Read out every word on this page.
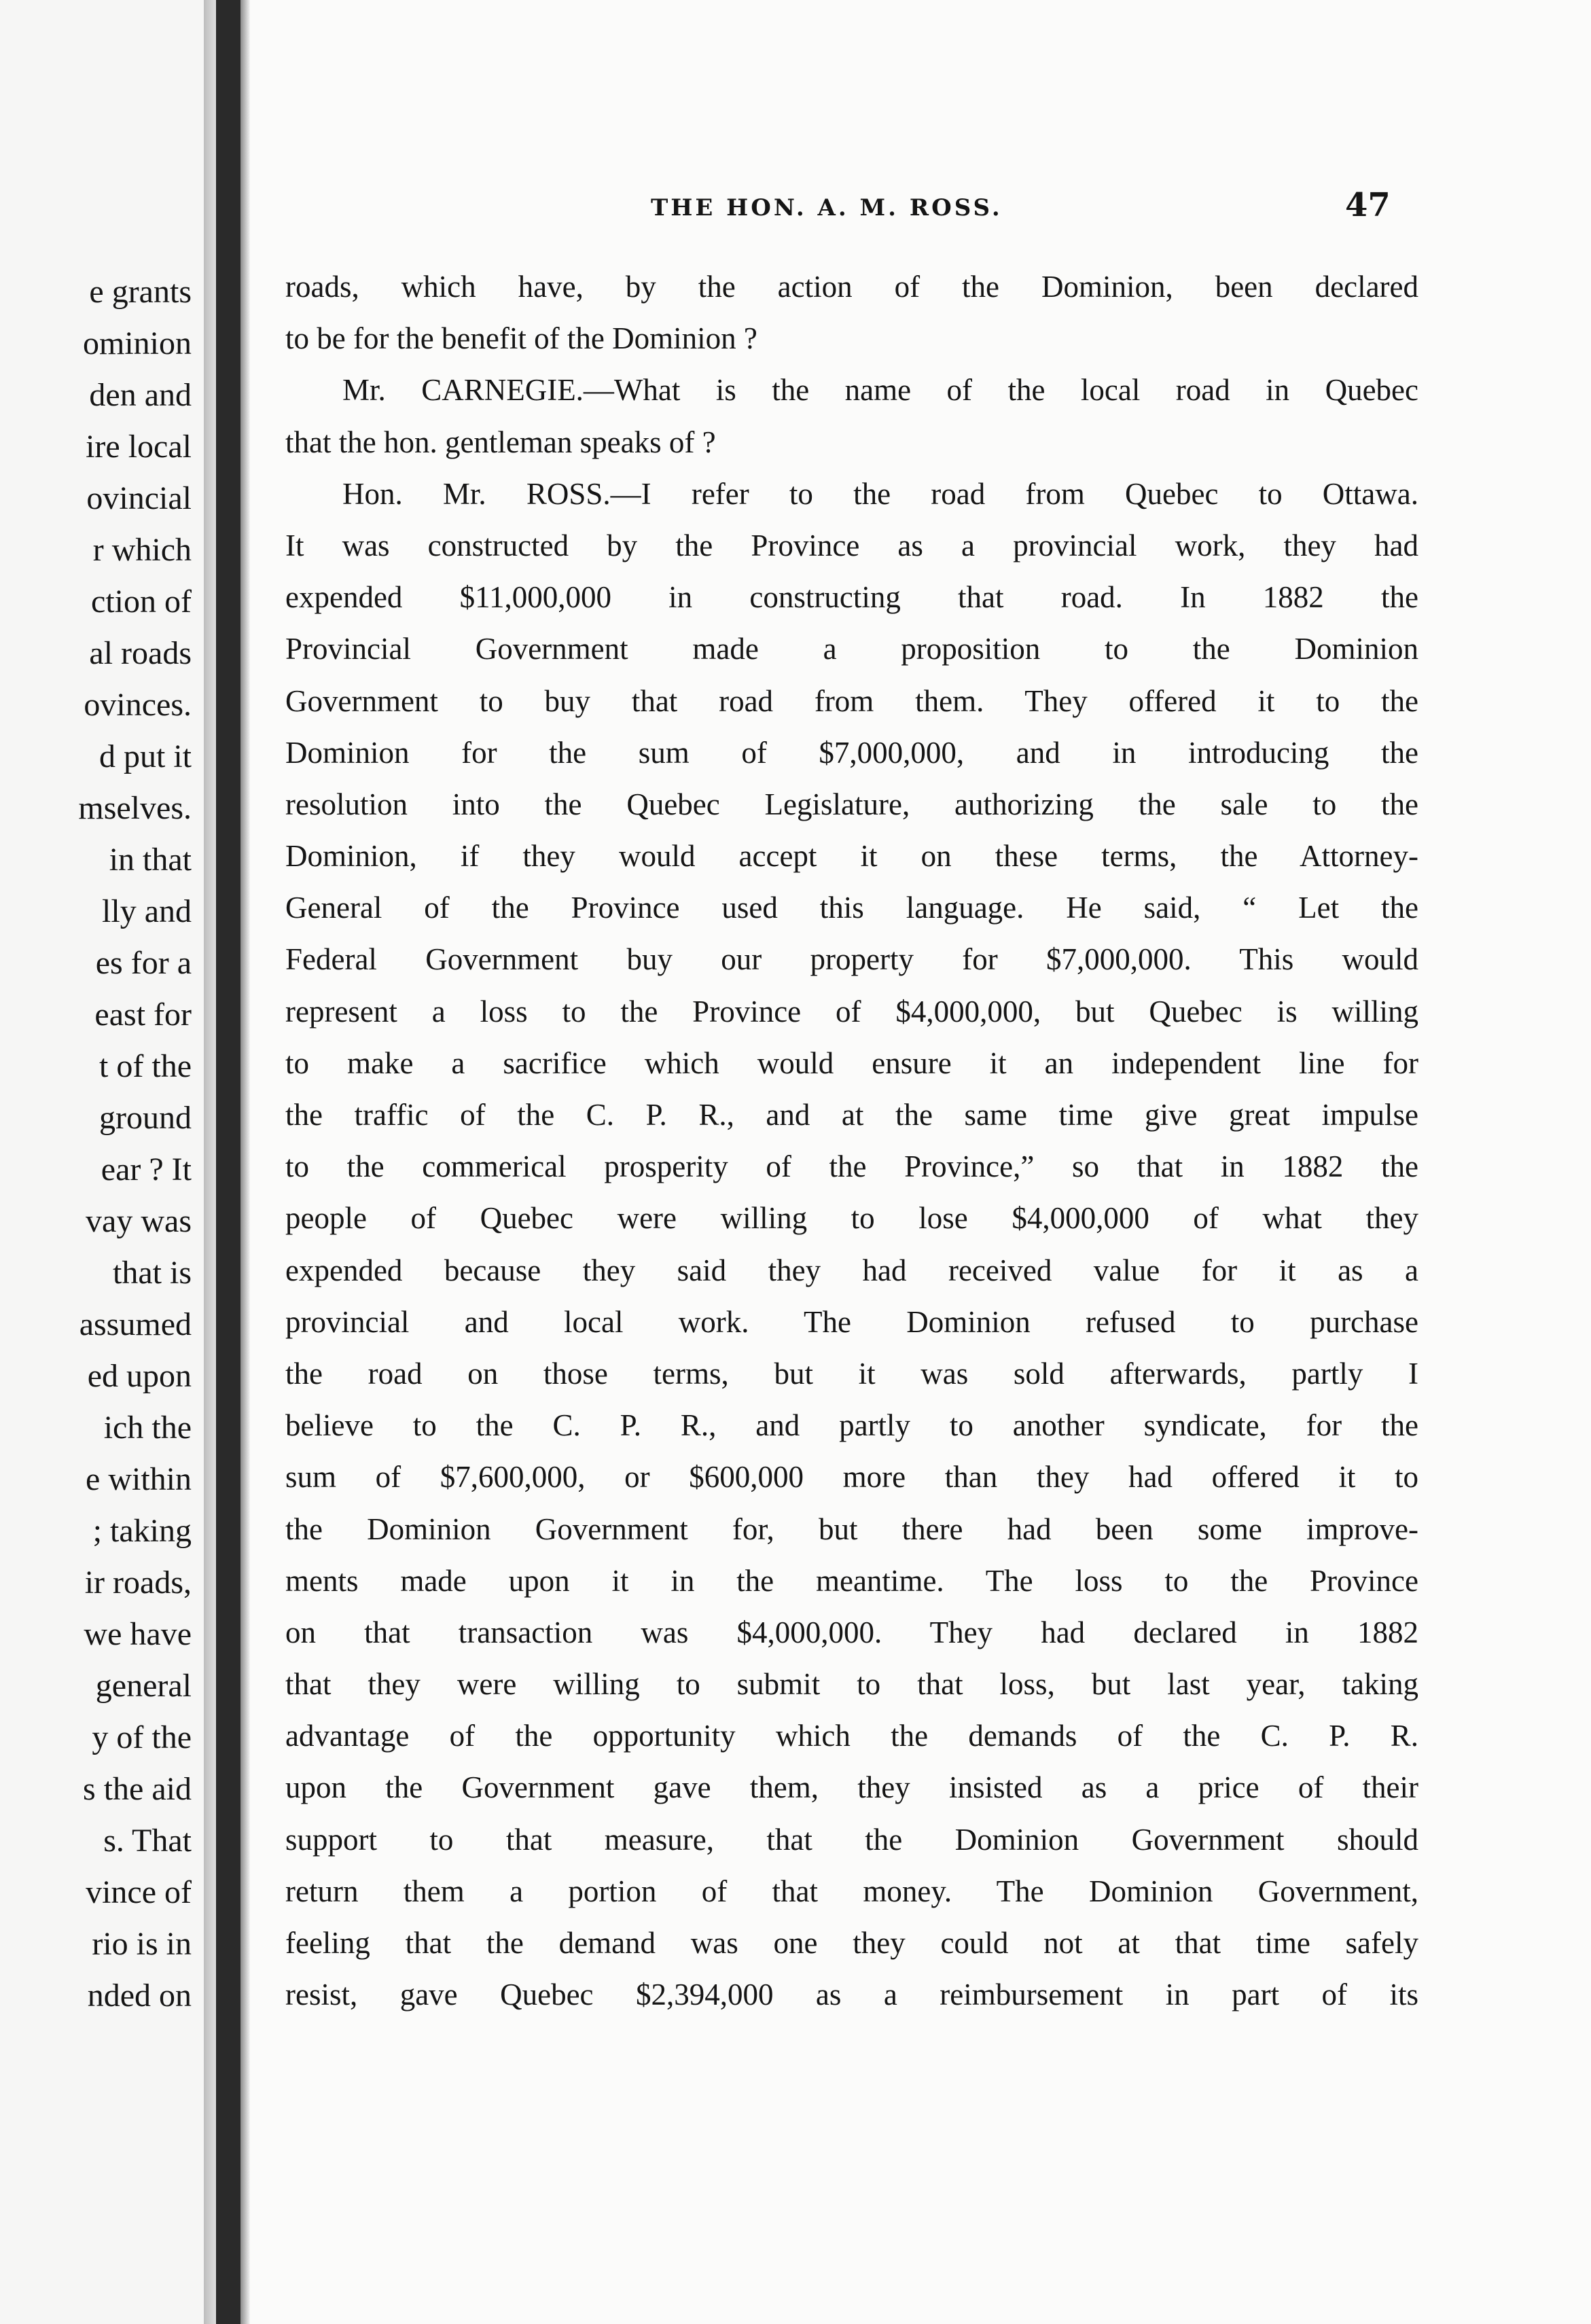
e grants
ominion
den and
ire local
ovincial
r which
ction of
al roads
ovinces.
d put it
mselves.
in that
lly and
es for a
east for
t of the
ground
ear ? It
vay was
that is
assumed
ed upon
ich the
e within
; taking
ir roads,
we have
general
y of the
s the aid
s. That
vince of
rio is in
nded on
THE HON. A. M. ROSS.	47
roads, which have, by the action of the Dominion, been declared
to be for the benefit of the Dominion ?
Mr. CARNEGIE.—What is the name of the local road in Quebec
that the hon. gentleman speaks of ?
Hon. Mr. ROSS.—I refer to the road from Quebec to Ottawa.
It was constructed by the Province as a provincial work, they had
expended $11,000,000 in constructing that road. In 1882 the
Provincial Government made a proposition to the Dominion
Government to buy that road from them. They offered it to the
Dominion for the sum of $7,000,000, and in introducing the
resolution into the Quebec Legislature, authorizing the sale to the
Dominion, if they would accept it on these terms, the Attorney-
General of the Province used this language. He said, “ Let the
Federal Government buy our property for $7,000,000. This would
represent a loss to the Province of $4,000,000, but Quebec is willing
to make a sacrifice which would ensure it an independent line for
the traffic of the C. P. R., and at the same time give great impulse
to the commerical prosperity of the Province,” so that in 1882 the
people of Quebec were willing to lose $4,000,000 of what they
expended because they said they had received value for it as a
provincial and local work. The Dominion refused to purchase
the road on those terms, but it was sold afterwards, partly I
believe to the C. P. R., and partly to another syndicate, for the
sum of $7,600,000, or $600,000 more than they had offered it to
the Dominion Government for, but there had been some improve-
ments made upon it in the meantime. The loss to the Province
on that transaction was $4,000,000. They had declared in 1882
that they were willing to submit to that loss, but last year, taking
advantage of the opportunity which the demands of the C. P. R.
upon the Government gave them, they insisted as a price of their
support to that measure, that the Dominion Government should
return them a portion of that money. The Dominion Government,
feeling that the demand was one they could not at that time safely
resist, gave Quebec $2,394,000 as a reimbursement in part of its
